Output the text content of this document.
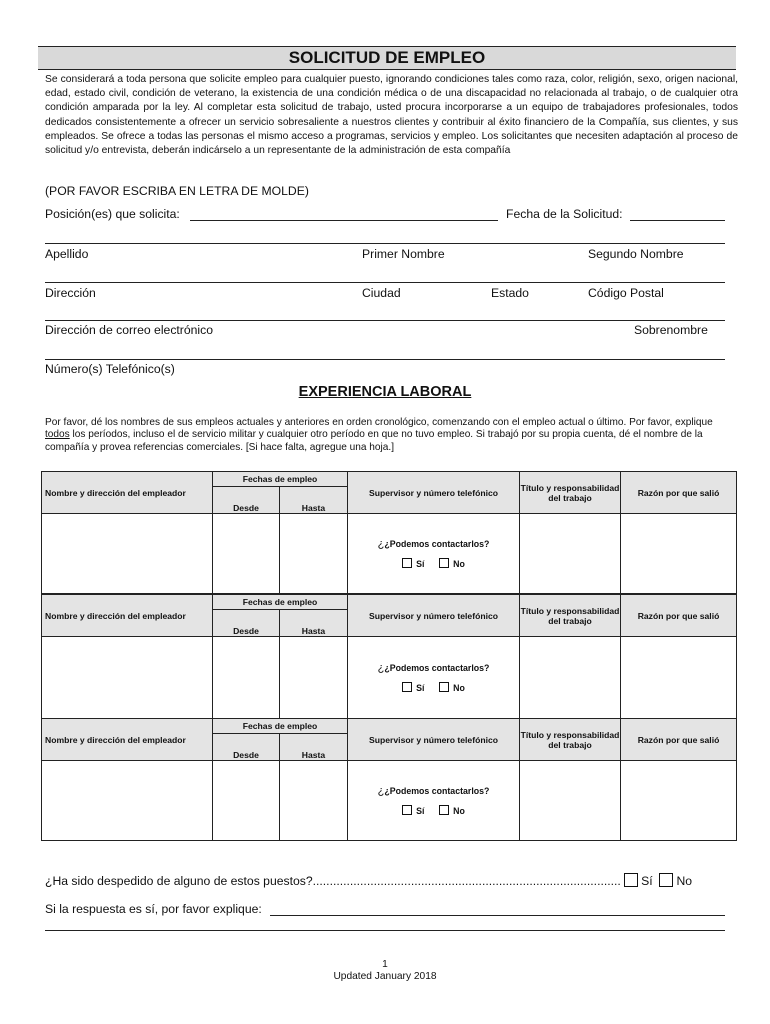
SOLICITUD DE EMPLEO
Se considerará a toda persona que solicite empleo para cualquier puesto, ignorando condiciones tales como raza, color, religión, sexo, origen nacional, edad, estado civil, condición de veterano, la existencia de una condición médica o de una discapacidad no relacionada al trabajo, o de cualquier otra condición amparada por la ley. Al completar esta solicitud de trabajo, usted procura incorporarse a un equipo de trabajadores profesionales, todos dedicados consistentemente a ofrecer un servicio sobresaliente a nuestros clientes y contribuir al éxito financiero de la Compañía, sus clientes, y sus empleados. Se ofrece a todas las personas el mismo acceso a programas, servicios y empleo. Los solicitantes que necesiten adaptación al proceso de solicitud y/o entrevista, deberán indicárselo a un representante de la administración de esta compañía
(POR FAVOR ESCRIBA EN LETRA DE MOLDE)
Posición(es) que solicita:	Fecha de la Solicitud:
Apellido	Primer Nombre	Segundo Nombre
Dirección	Ciudad	Estado	Código Postal
Dirección de correo electrónico	Sobrenombre
Número(s) Telefónico(s)
EXPERIENCIA LABORAL
Por favor, dé los nombres de sus empleos actuales y anteriores en orden cronológico, comenzando con el empleo actual o último. Por favor, explique todos los períodos, incluso el de servicio militar y cualquier otro período en que no tuvo empleo. Si trabajó por su propia cuenta, dé el nombre de la compañía y provea referencias comerciales. [Si hace falta, agregue una hoja.]
Nombre y dirección del empleador	Fechas de empleo		Supervisor y número telefónico	Título y responsabilidad del trabajo	Razón por que salió
	Desde	Hasta			

			¿¿Podemos contactarlos?
Sí No		

Nombre y dirección del empleador	Fechas de empleo		Supervisor y número telefónico	Título y responsabilidad del trabajo	Razón por que salió
	Desde	Hasta			

			¿¿Podemos contactarlos?
Sí No		

Nombre y dirección del empleador	Fechas de empleo		Supervisor y número telefónico	Título y responsabilidad del trabajo	Razón por que salió
	Desde	Hasta			

			¿¿Podemos contactarlos?
Sí No		

¿Ha sido despedido de alguno de estos puestos?........................................................................................... Sí No
Si la respuesta es sí, por favor explique:
1
Updated January 2018
